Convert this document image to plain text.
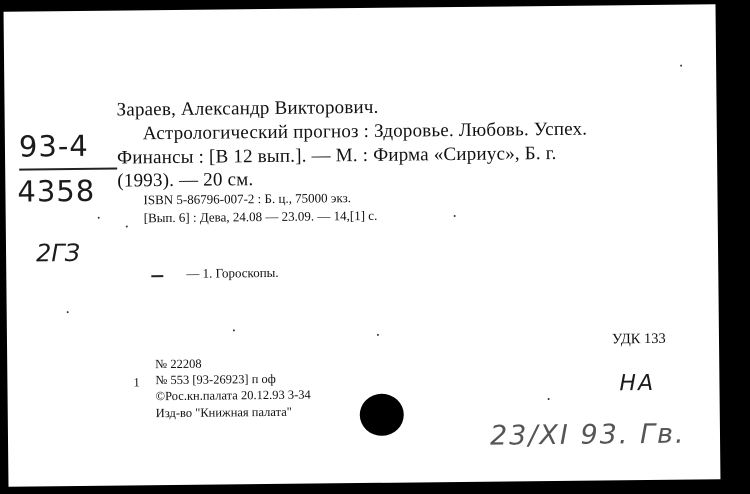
93-4
4358
2ГЗ
Зараев, Александр Викторович.
Астрологический прогноз : Здоровье. Любовь. Успех.
Финансы : [В 12 вып.]. — М. : Фирма «Сириус», Б. г.
(1993). — 20 см.
ISBN 5-86796-007-2 : Б. ц., 75000 экз.
[Вып. 6] : Дева, 24.08 — 23.09. — 14,[1] с.
— 1. Гороскопы.
УДК 133
№ 22208
1 № 553 [93-26923] п оф
©Рос.кн.палата 20.12.93 3-34
Изд-во "Книжная палата"
НА
23/XI 93. Гв.
